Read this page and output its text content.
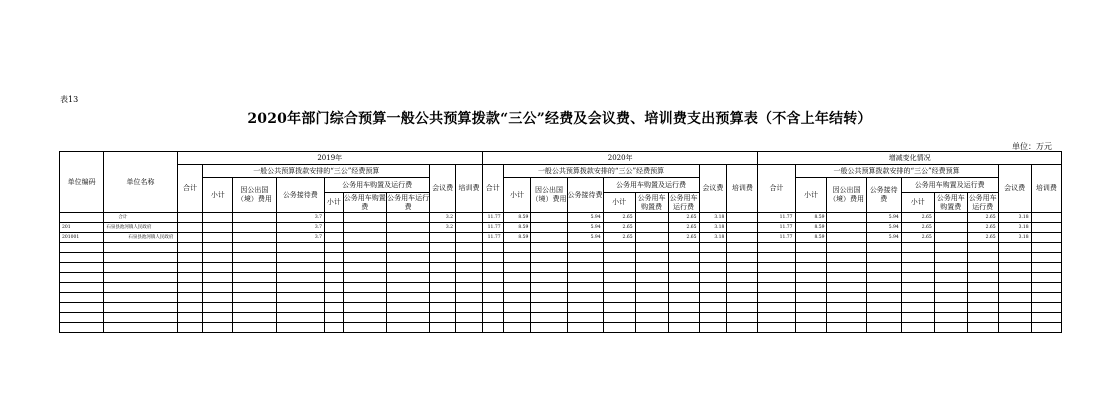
表13
2020年部门综合预算一般公共预算拨款“三公”经费及会议费、培训费支出预算表（不含上年结转）
单位：万元
单位编码	单位名称	2019年									2020年									增减变化情况								
		合计	一般公共预算拨款安排的“三公”经费预算						会议费	培训费	合计	一般公共预算拨款安排的“三公”经费预算						会议费	培训费	合计	一般公共预算拨款安排的“三公”经费预算						会议费	培训费
			小计	因公出国（境）费用	公务接待费	公务用车购置及运行费						小计	因公出国（境）费用	公务接待费	公务用车购置及运行费						小计	因公出国（境）费用	公务接待费	公务用车购置及运行费				
						小计	公务用车购置费	公务用车运行费							小计	公务用车购置费	公务用车运行费							小计	公务用车购置费	公务用车运行费		
	合计				3.7				3.2		11.77	8.59		5.94	2.65		2.65	3.18		11.77	8.59		5.94	2.65		2.65	3.18	
201	石泉县池河镇人民政府				3.7				3.2		11.77	8.59		5.94	2.65		2.65	3.18		11.77	8.59		5.94	2.65		2.65	3.18	
201001	石泉县池河镇人民政府				3.7						11.77	8.59		5.94	2.65		2.65	3.18		11.77	8.59		5.94	2.65		2.65	3.18	
